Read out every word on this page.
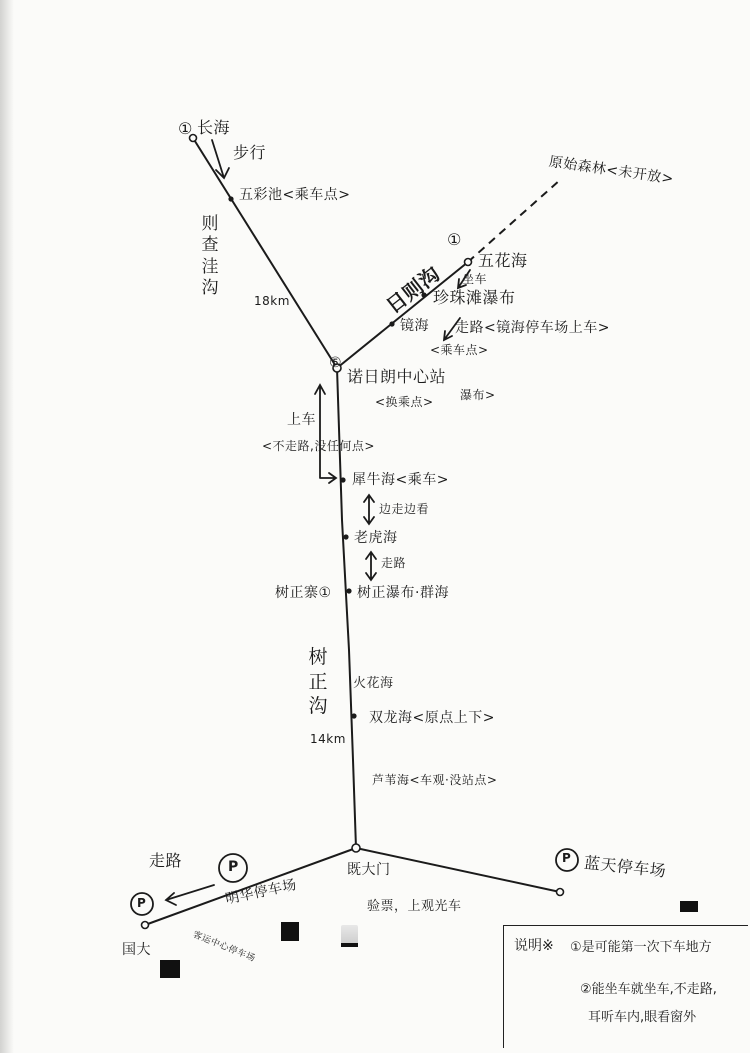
① 长海
步行
五彩池<乘车点>
则查洼沟
18km
原始森林<未开放>
①
五花海
坐车
珍珠滩瀑布
镜海 走路<镜海停车场上车>
<乘车点>
日则沟
⑤
诺日朗中心站
<换乘点> 瀑布>
上车
<不走路,没任何点>
犀牛海<乘车>
边走边看
老虎海
走路
树正寨① 树正瀑布·群海
树正沟
14km
火花海
双龙海<原点上下>
芦苇海<车观·没站点>
既大门
验票，上观光车
走路	P
P
P
明华停车场
客运中心停车场
国大
蓝天停车场
说明※ ①是可能第一次下车地方
②能坐车就坐车,不走路,
耳听车内,眼看窗外
